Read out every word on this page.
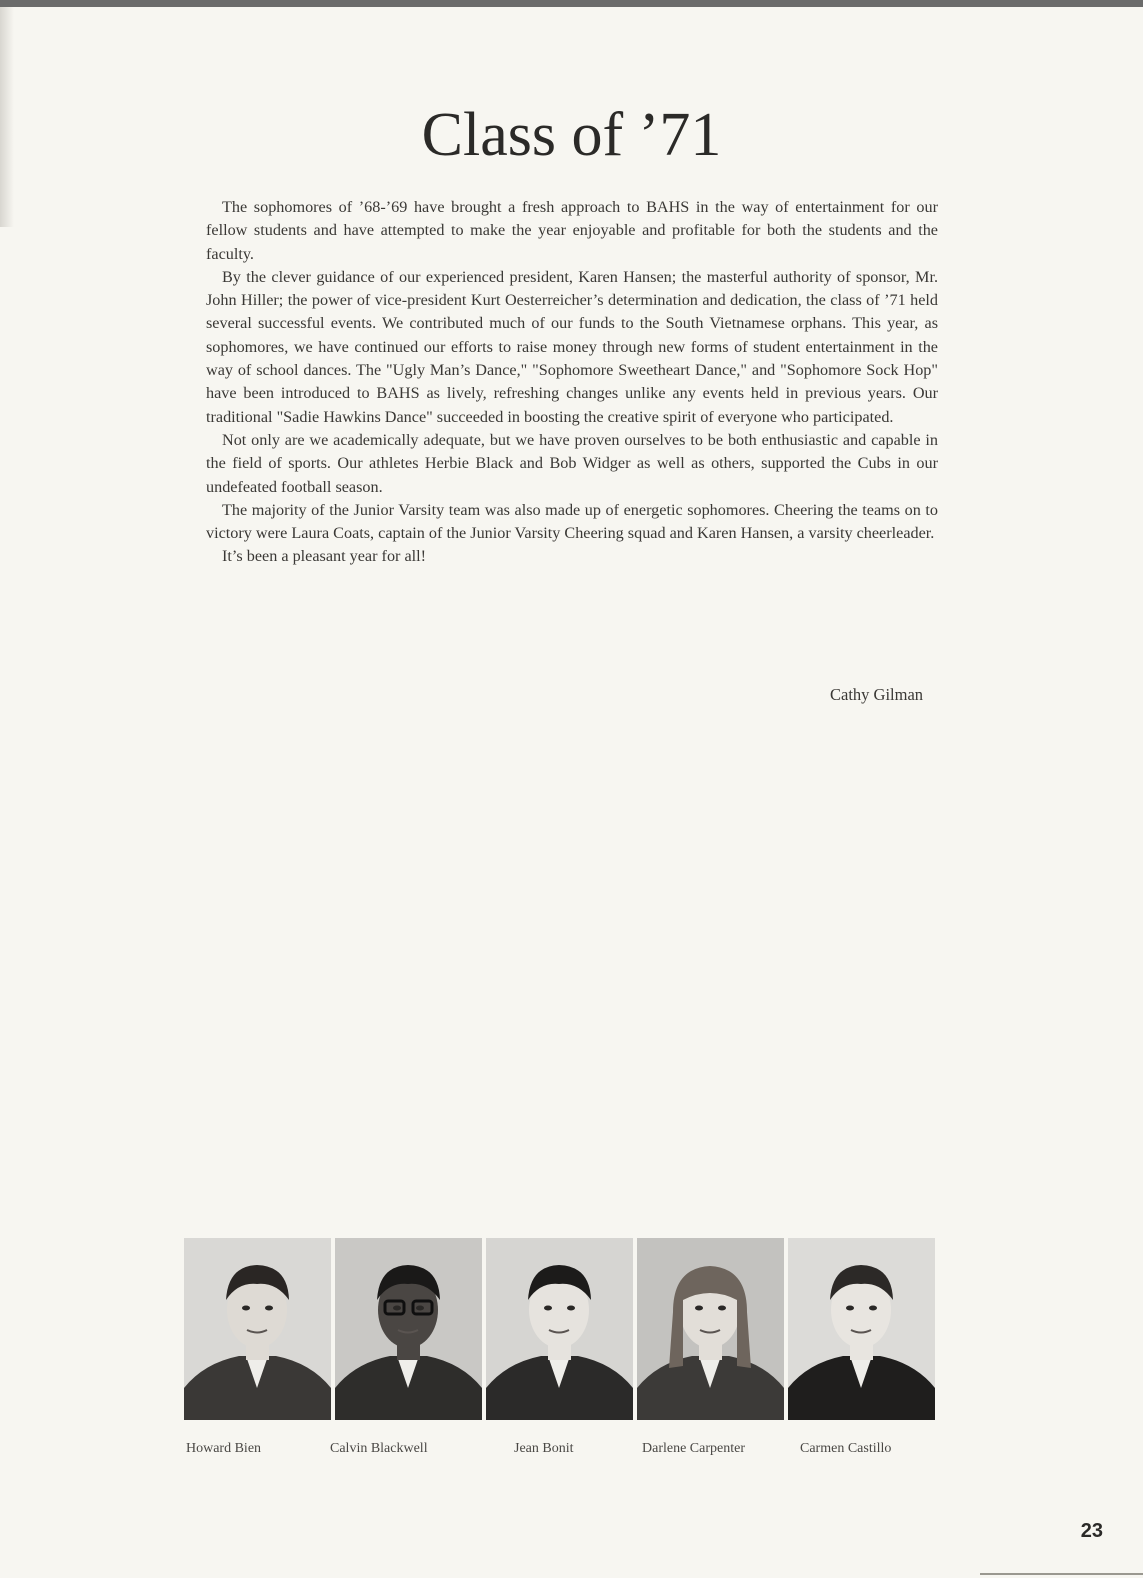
Class of ’71

The sophomores of ’68-’69 have brought a fresh approach to BAHS in the way of entertainment for our fellow students and have attempted to make the year enjoyable and profitable for both the students and the faculty.

By the clever guidance of our experienced president, Karen Hansen; the masterful authority of sponsor, Mr. John Hiller; the power of vice-president Kurt Oesterreicher’s determination and dedication, the class of ’71 held several successful events. We contributed much of our funds to the South Vietnamese orphans. This year, as sophomores, we have continued our efforts to raise money through new forms of student entertainment in the way of school dances. The "Ugly Man’s Dance," "Sophomore Sweetheart Dance," and "Sophomore Sock Hop" have been introduced to BAHS as lively, refreshing changes unlike any events held in previous years. Our traditional "Sadie Hawkins Dance" succeeded in boosting the creative spirit of everyone who participated.

Not only are we academically adequate, but we have proven ourselves to be both enthusiastic and capable in the field of sports. Our athletes Herbie Black and Bob Widger as well as others, supported the Cubs in our undefeated football season.

The majority of the Junior Varsity team was also made up of energetic sophomores. Cheering the teams on to victory were Laura Coats, captain of the Junior Varsity Cheering squad and Karen Hansen, a varsity cheerleader.

It’s been a pleasant year for all!

Cathy Gilman
Howard Bien	Calvin Blackwell	Jean Bonit	Darlene Carpenter	Carmen Castillo
23
